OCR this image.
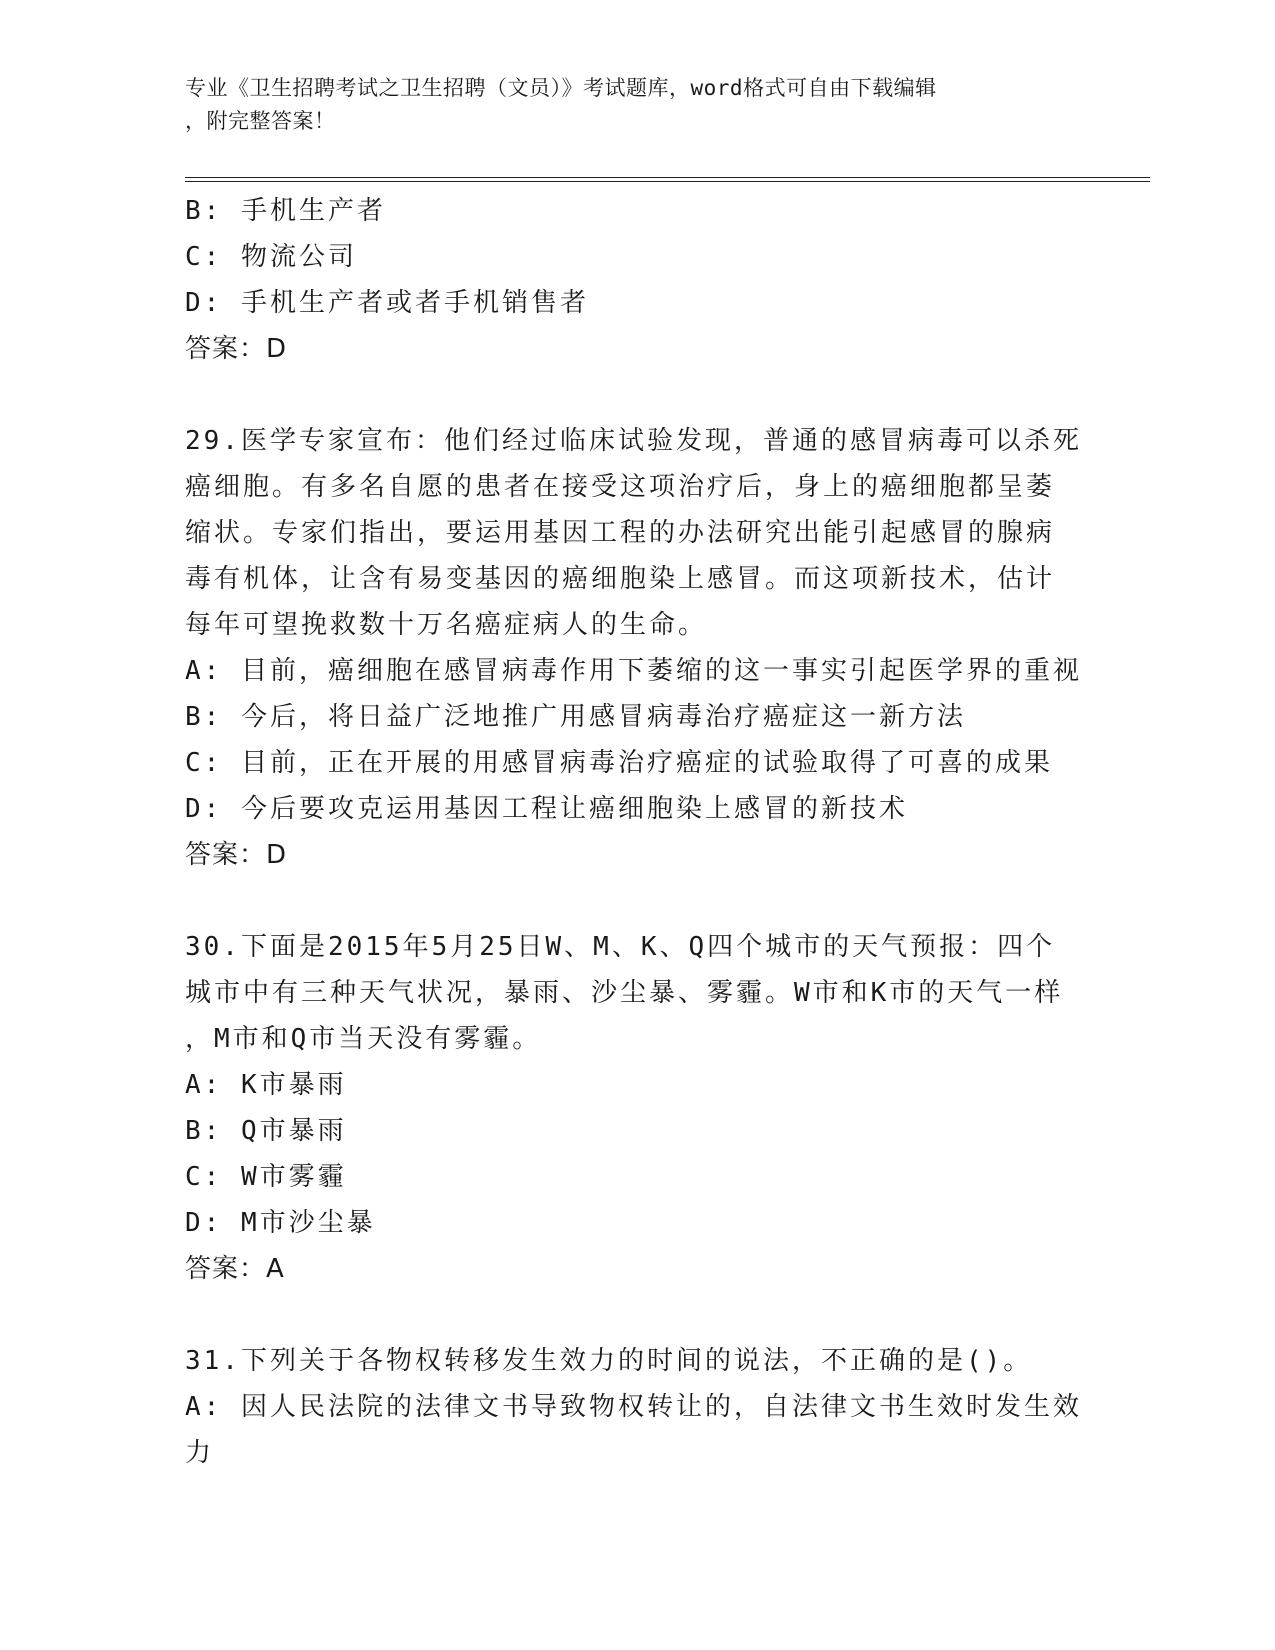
专业《卫生招聘考试之卫生招聘（文员）》考试题库，word格式可自由下载编辑
，附完整答案！
B: 手机生产者
C: 物流公司
D: 手机生产者或者手机销售者
答案：D
29.医学专家宣布：他们经过临床试验发现，普通的感冒病毒可以杀死
癌细胞。有多名自愿的患者在接受这项治疗后，身上的癌细胞都呈萎
缩状。专家们指出，要运用基因工程的办法研究出能引起感冒的腺病
毒有机体，让含有易变基因的癌细胞染上感冒。而这项新技术，估计
每年可望挽救数十万名癌症病人的生命。
A: 目前，癌细胞在感冒病毒作用下萎缩的这一事实引起医学界的重视
B: 今后，将日益广泛地推广用感冒病毒治疗癌症这一新方法
C: 目前，正在开展的用感冒病毒治疗癌症的试验取得了可喜的成果
D: 今后要攻克运用基因工程让癌细胞染上感冒的新技术
答案：D
30.下面是2015年5月25日W、M、K、Q四个城市的天气预报：四个
城市中有三种天气状况，暴雨、沙尘暴、雾霾。W市和K市的天气一样
，M市和Q市当天没有雾霾。
A: K市暴雨
B: Q市暴雨
C: W市雾霾
D: M市沙尘暴
答案：A
31.下列关于各物权转移发生效力的时间的说法，不正确的是()。
A: 因人民法院的法律文书导致物权转让的，自法律文书生效时发生效
力
